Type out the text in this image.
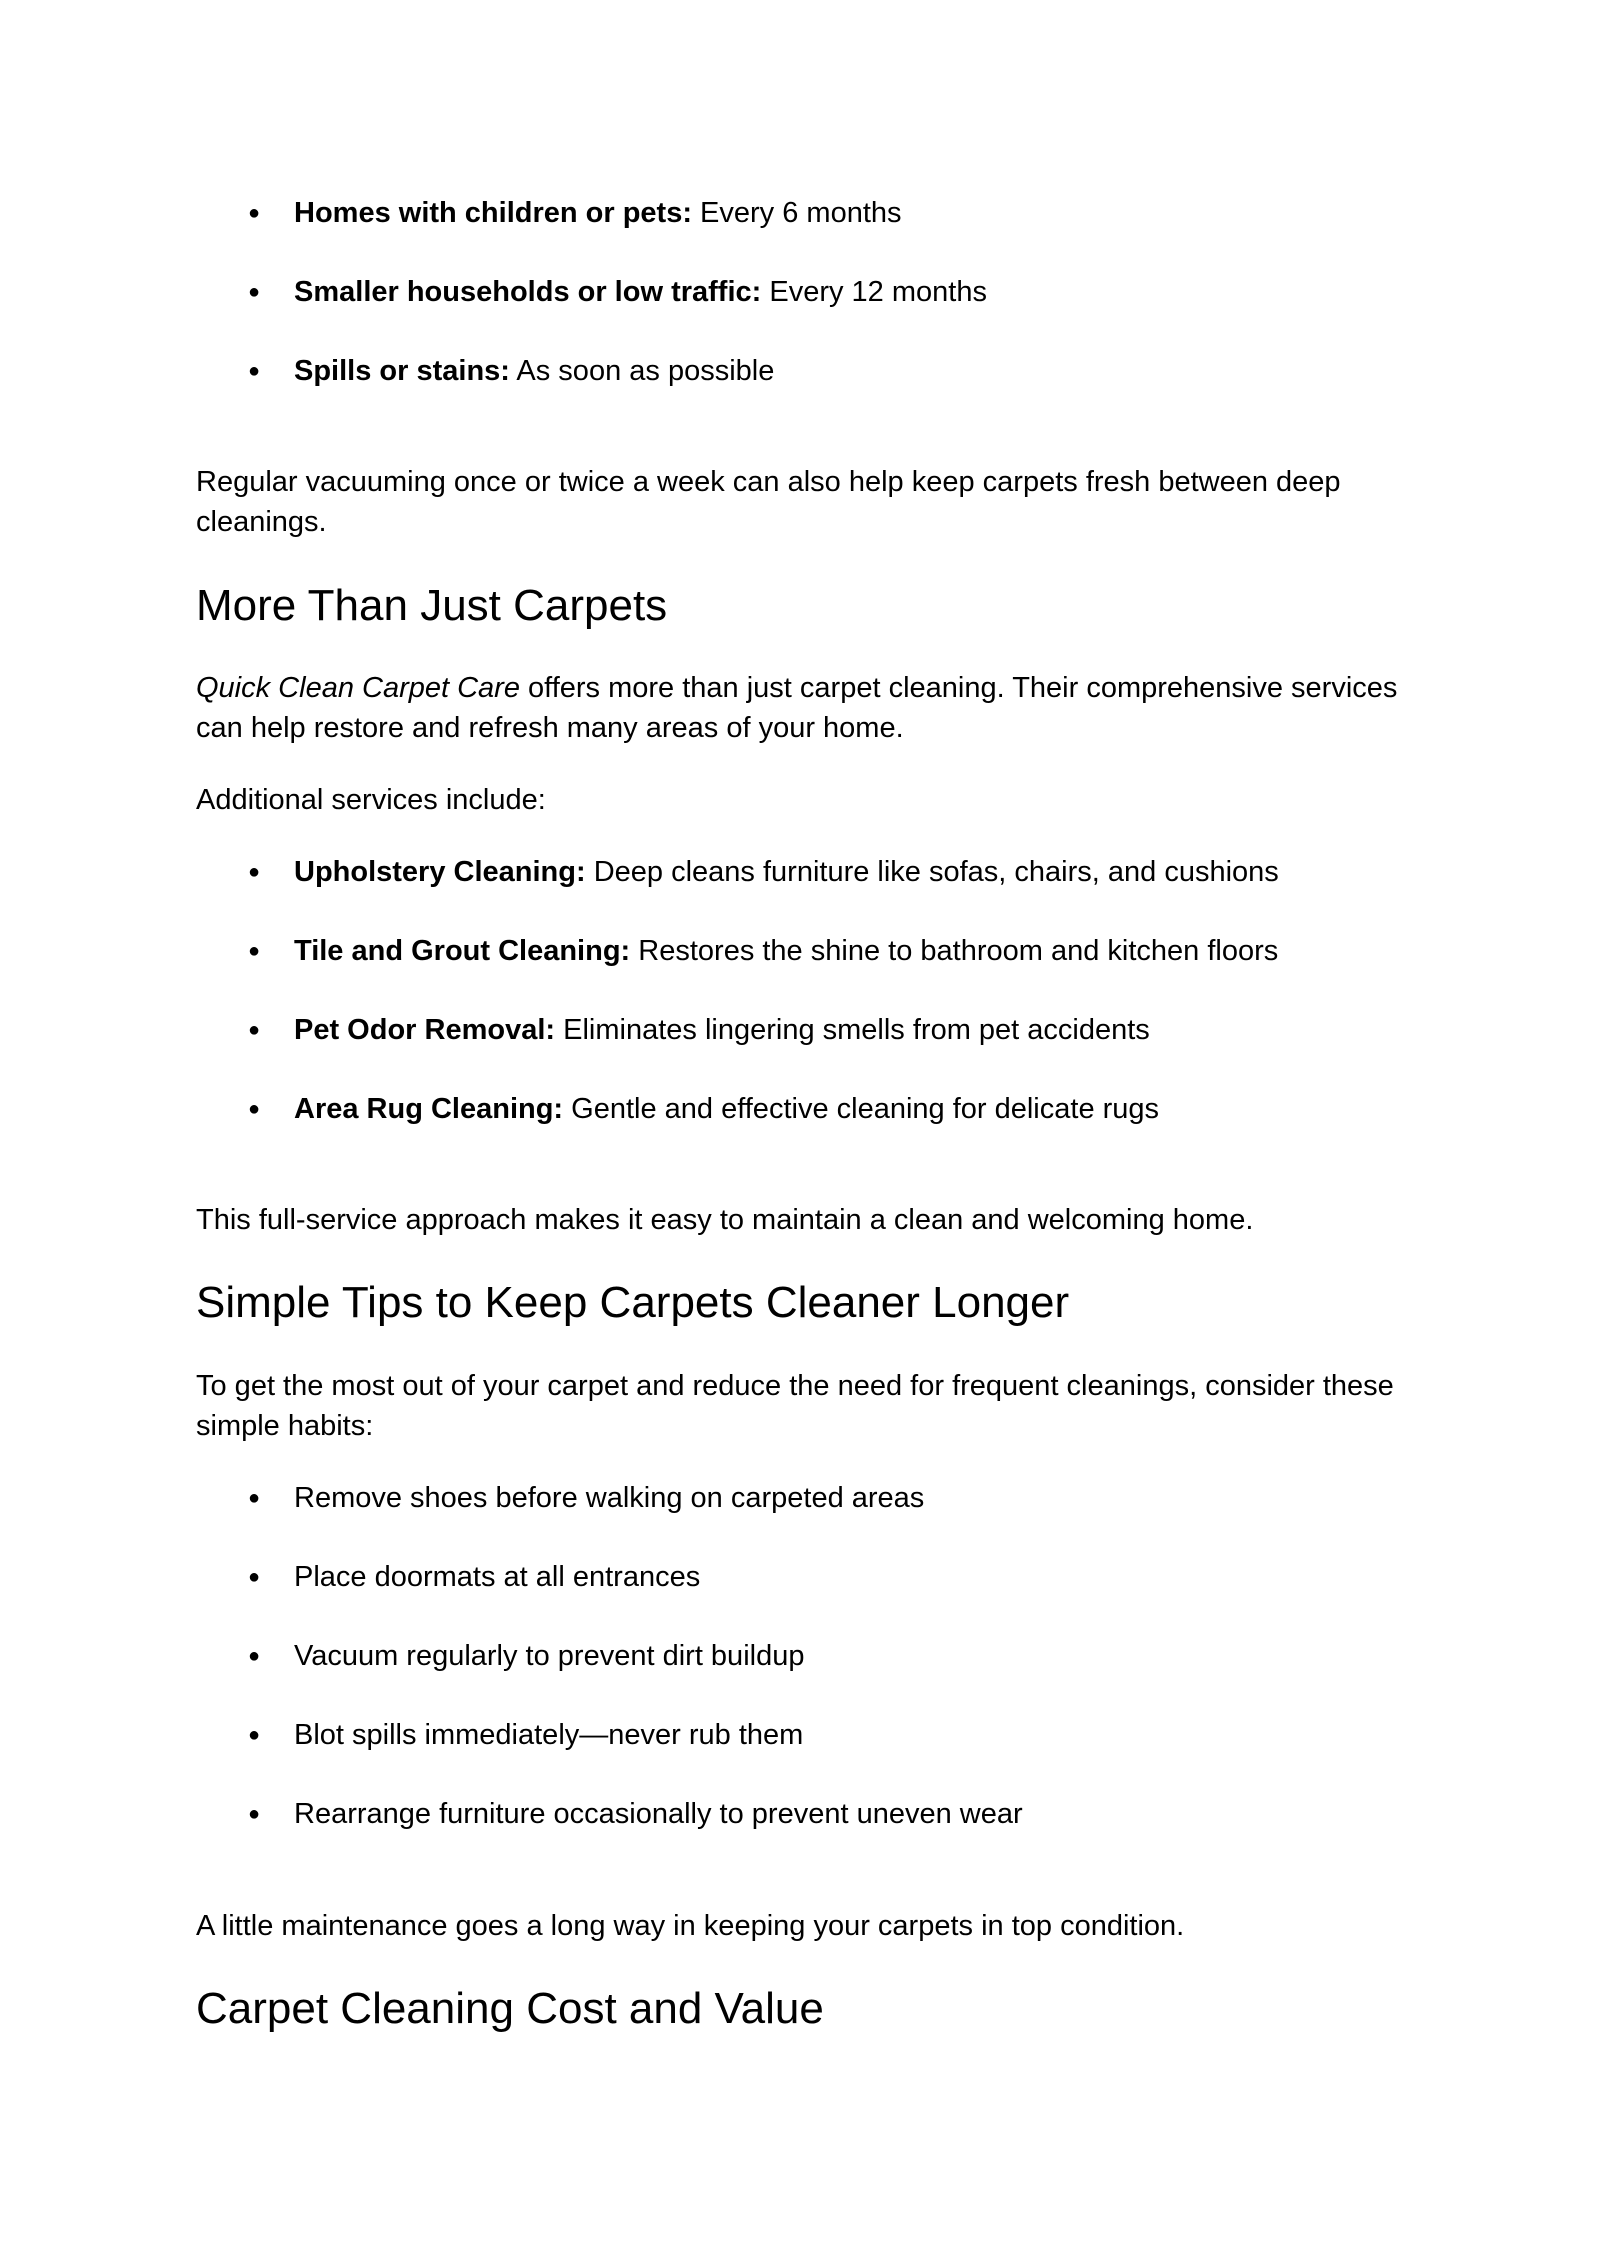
● Homes with children or pets: Every 6 months
● Smaller households or low traffic: Every 12 months
● Spills or stains: As soon as possible

Regular vacuuming once or twice a week can also help keep carpets fresh between deep cleanings.

More Than Just Carpets

Quick Clean Carpet Care offers more than just carpet cleaning. Their comprehensive services can help restore and refresh many areas of your home.

Additional services include:

● Upholstery Cleaning: Deep cleans furniture like sofas, chairs, and cushions
● Tile and Grout Cleaning: Restores the shine to bathroom and kitchen floors
● Pet Odor Removal: Eliminates lingering smells from pet accidents
● Area Rug Cleaning: Gentle and effective cleaning for delicate rugs

This full-service approach makes it easy to maintain a clean and welcoming home.

Simple Tips to Keep Carpets Cleaner Longer

To get the most out of your carpet and reduce the need for frequent cleanings, consider these simple habits:

● Remove shoes before walking on carpeted areas
● Place doormats at all entrances
● Vacuum regularly to prevent dirt buildup
● Blot spills immediately—never rub them
● Rearrange furniture occasionally to prevent uneven wear

A little maintenance goes a long way in keeping your carpets in top condition.

Carpet Cleaning Cost and Value
